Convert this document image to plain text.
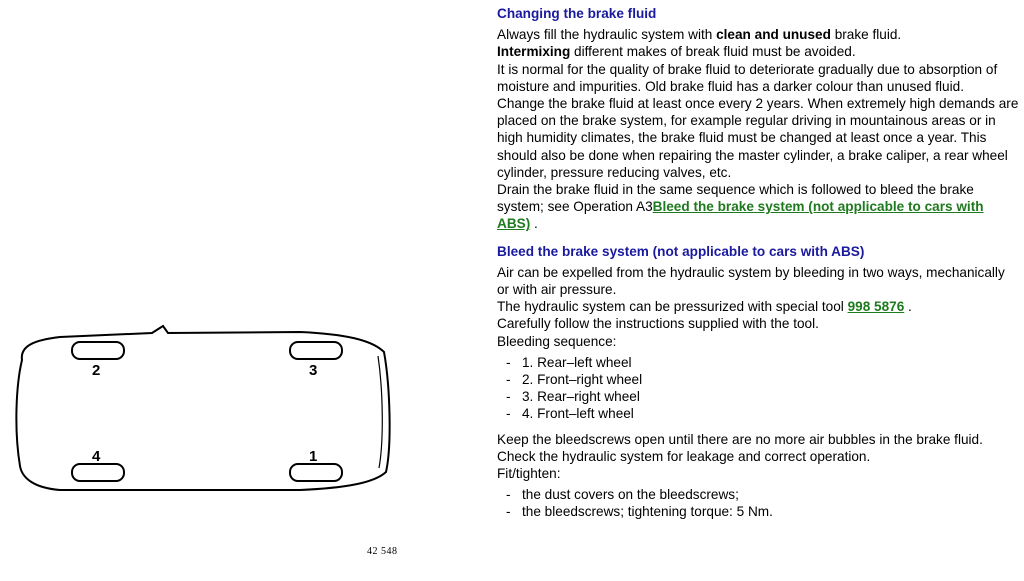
2	3
4	1
42 548
Changing the brake fluid

Always fill the hydraulic system with clean and unused brake fluid.

Intermixing different makes of break fluid must be avoided.

It is normal for the quality of brake fluid to deteriorate gradually due to absorption of moisture and impurities. Old brake fluid has a darker colour than unused fluid.

Change the brake fluid at least once every 2 years. When extremely high demands are placed on the brake system, for example regular driving in mountainous areas or in high humidity climates, the brake fluid must be changed at least once a year. This should also be done when repairing the master cylinder, a brake caliper, a rear wheel cylinder, pressure reducing valves, etc.

Drain the brake fluid in the same sequence which is followed to bleed the brake system; see Operation A3Bleed the brake system (not applicable to cars with ABS) .

Bleed the brake system (not applicable to cars with ABS)

Air can be expelled from the hydraulic system by bleeding in two ways, mechanically or with air pressure.

The hydraulic system can be pressurized with special tool 998 5876 .

Carefully follow the instructions supplied with the tool.

Bleeding sequence:

- 1. Rear–left wheel
- 2. Front–right wheel
- 3. Rear–right wheel
- 4. Front–left wheel

Keep the bleedscrews open until there are no more air bubbles in the brake fluid.

Check the hydraulic system for leakage and correct operation.

Fit/tighten:

- the dust covers on the bleedscrews;
- the bleedscrews; tightening torque: 5 Nm.
